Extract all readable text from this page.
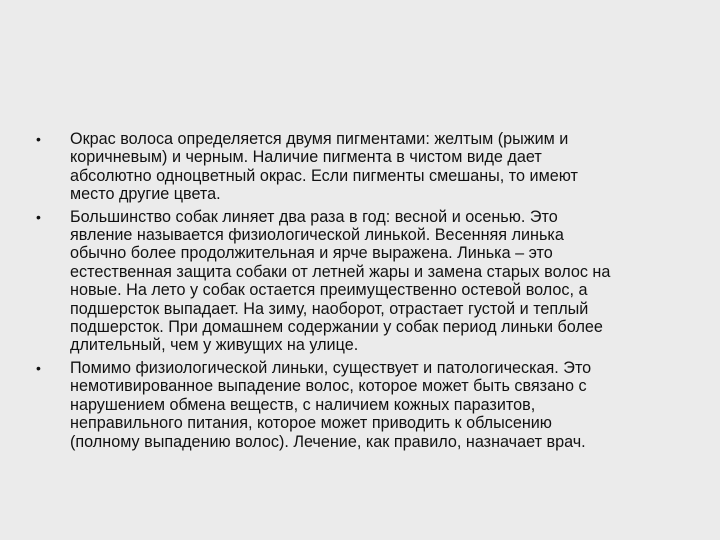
•	Окрас волоса определяется двумя пигментами: желтым (рыжим и
коричневым) и черным. Наличие пигмента в чистом виде дает
абсолютно одноцветный окрас. Если пигменты смешаны, то имеют
место другие цвета.
•	Большинство собак линяет два раза в год: весной и осенью. Это
явление называется физиологической линькой. Весенняя линька
обычно более продолжительная и ярче выражена. Линька – это
естественная защита собаки от летней жары и замена старых волос на
новые. На лето у собак остается преимущественно остевой волос, а
подшерсток выпадает. На зиму, наоборот, отрастает густой и теплый
подшерсток. При домашнем содержании у собак период линьки более
длительный, чем у живущих на улице.
•	Помимо физиологической линьки, существует и патологическая. Это
немотивированное выпадение волос, которое может быть связано с
нарушением обмена веществ, с наличием кожных паразитов,
неправильного питания, которое может приводить к облысению
(полному выпадению волос). Лечение, как правило, назначает врач.
